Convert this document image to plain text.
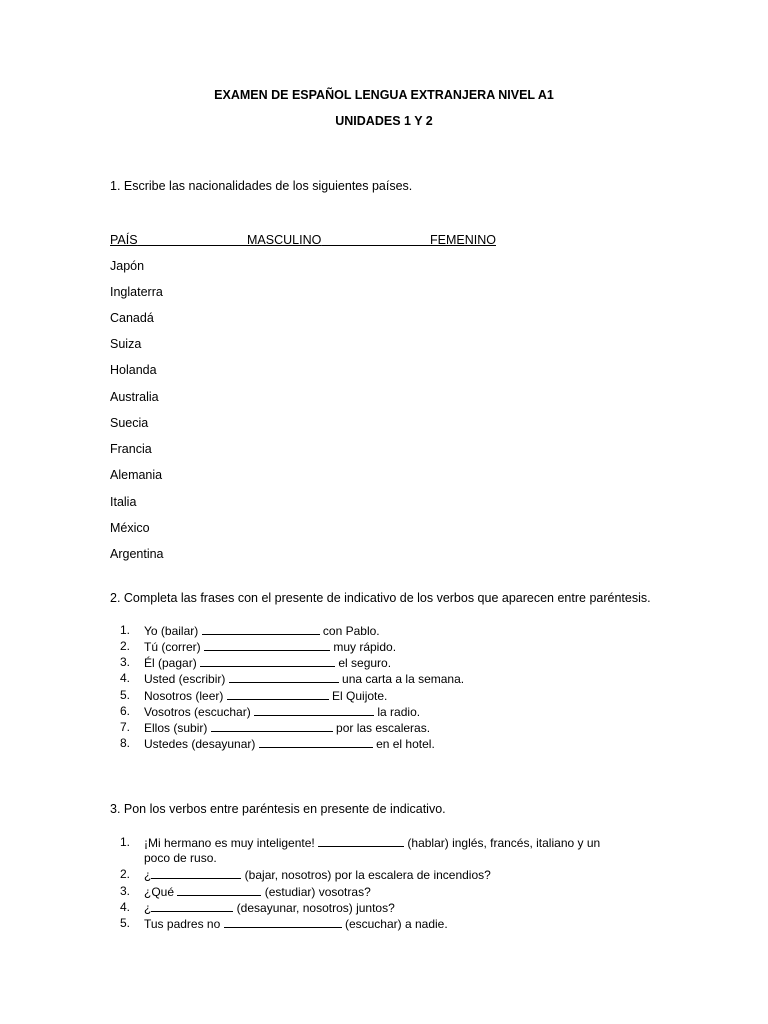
EXAMEN DE ESPAÑOL LENGUA EXTRANJERA NIVEL A1
UNIDADES 1 Y 2
1. Escribe las nacionalidades de los siguientes países.
PAÍS	MASCULINO	FEMENINO
Japón
Inglaterra
Canadá
Suiza
Holanda
Australia
Suecia
Francia
Alemania
Italia
México
Argentina
2. Completa las frases con el presente de indicativo de los verbos que aparecen entre paréntesis.
1.	Yo (bailar)	con Pablo.
2.	Tú (correr)	muy rápido.
3.	Él (pagar)	el seguro.
4.	Usted (escribir)	una carta a la semana.
5.	Nosotros (leer)	El Quijote.
6.	Vosotros (escuchar)	la radio.
7.	Ellos (subir)	por las escaleras.
8.	Ustedes (desayunar)	en el hotel.
3. Pon los verbos entre paréntesis en presente de indicativo.
1.	¡Mi hermano es muy inteligente!	(hablar) inglés, francés, italiano y un
poco de ruso.
2.	¿	(bajar, nosotros) por la escalera de incendios?
3.	¿Qué	(estudiar) vosotras?
4.	¿	(desayunar, nosotros) juntos?
5.	Tus padres no	(escuchar) a nadie.
